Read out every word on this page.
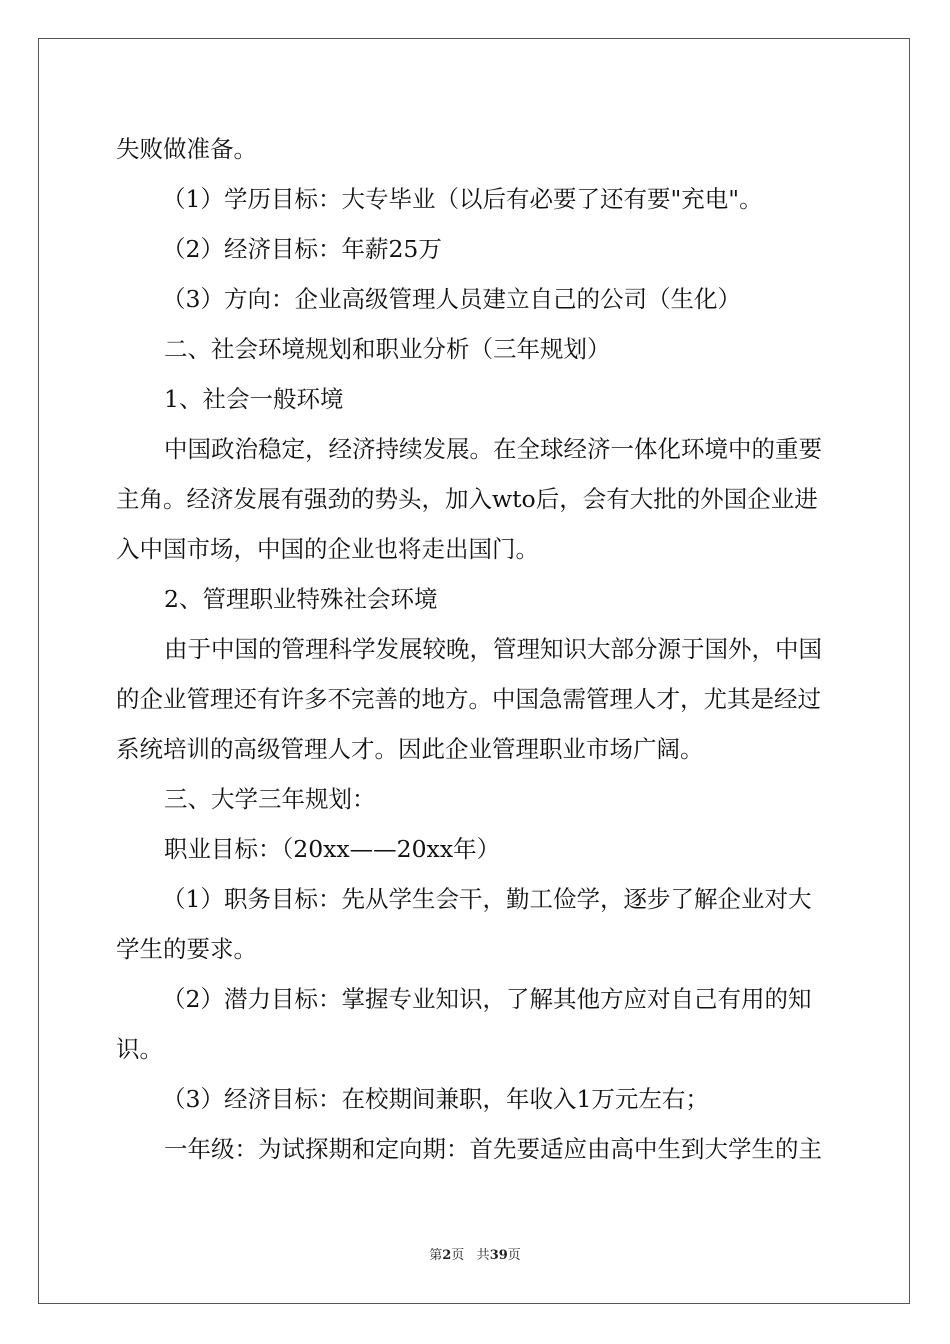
失败做准备。
（1）学历目标：大专毕业（以后有必要了还有要"充电"。
（2）经济目标：年薪25万
（3）方向：企业高级管理人员建立自己的公司（生化）
二、社会环境规划和职业分析（三年规划）
1、社会一般环境
中国政治稳定，经济持续发展。在全球经济一体化环境中的重要
主角。经济发展有强劲的势头，加入wto后，会有大批的外国企业进
入中国市场，中国的企业也将走出国门。
2、管理职业特殊社会环境
由于中国的管理科学发展较晚，管理知识大部分源于国外，中国
的企业管理还有许多不完善的地方。中国急需管理人才，尤其是经过
系统培训的高级管理人才。因此企业管理职业市场广阔。
三、大学三年规划：
职业目标：（20xx——20xx年）
（1）职务目标：先从学生会干，勤工俭学，逐步了解企业对大
学生的要求。
（2）潜力目标：掌握专业知识，了解其他方应对自己有用的知
识。
（3）经济目标：在校期间兼职，年收入1万元左右；
一年级：为试探期和定向期：首先要适应由高中生到大学生的主
第2页 共39页
